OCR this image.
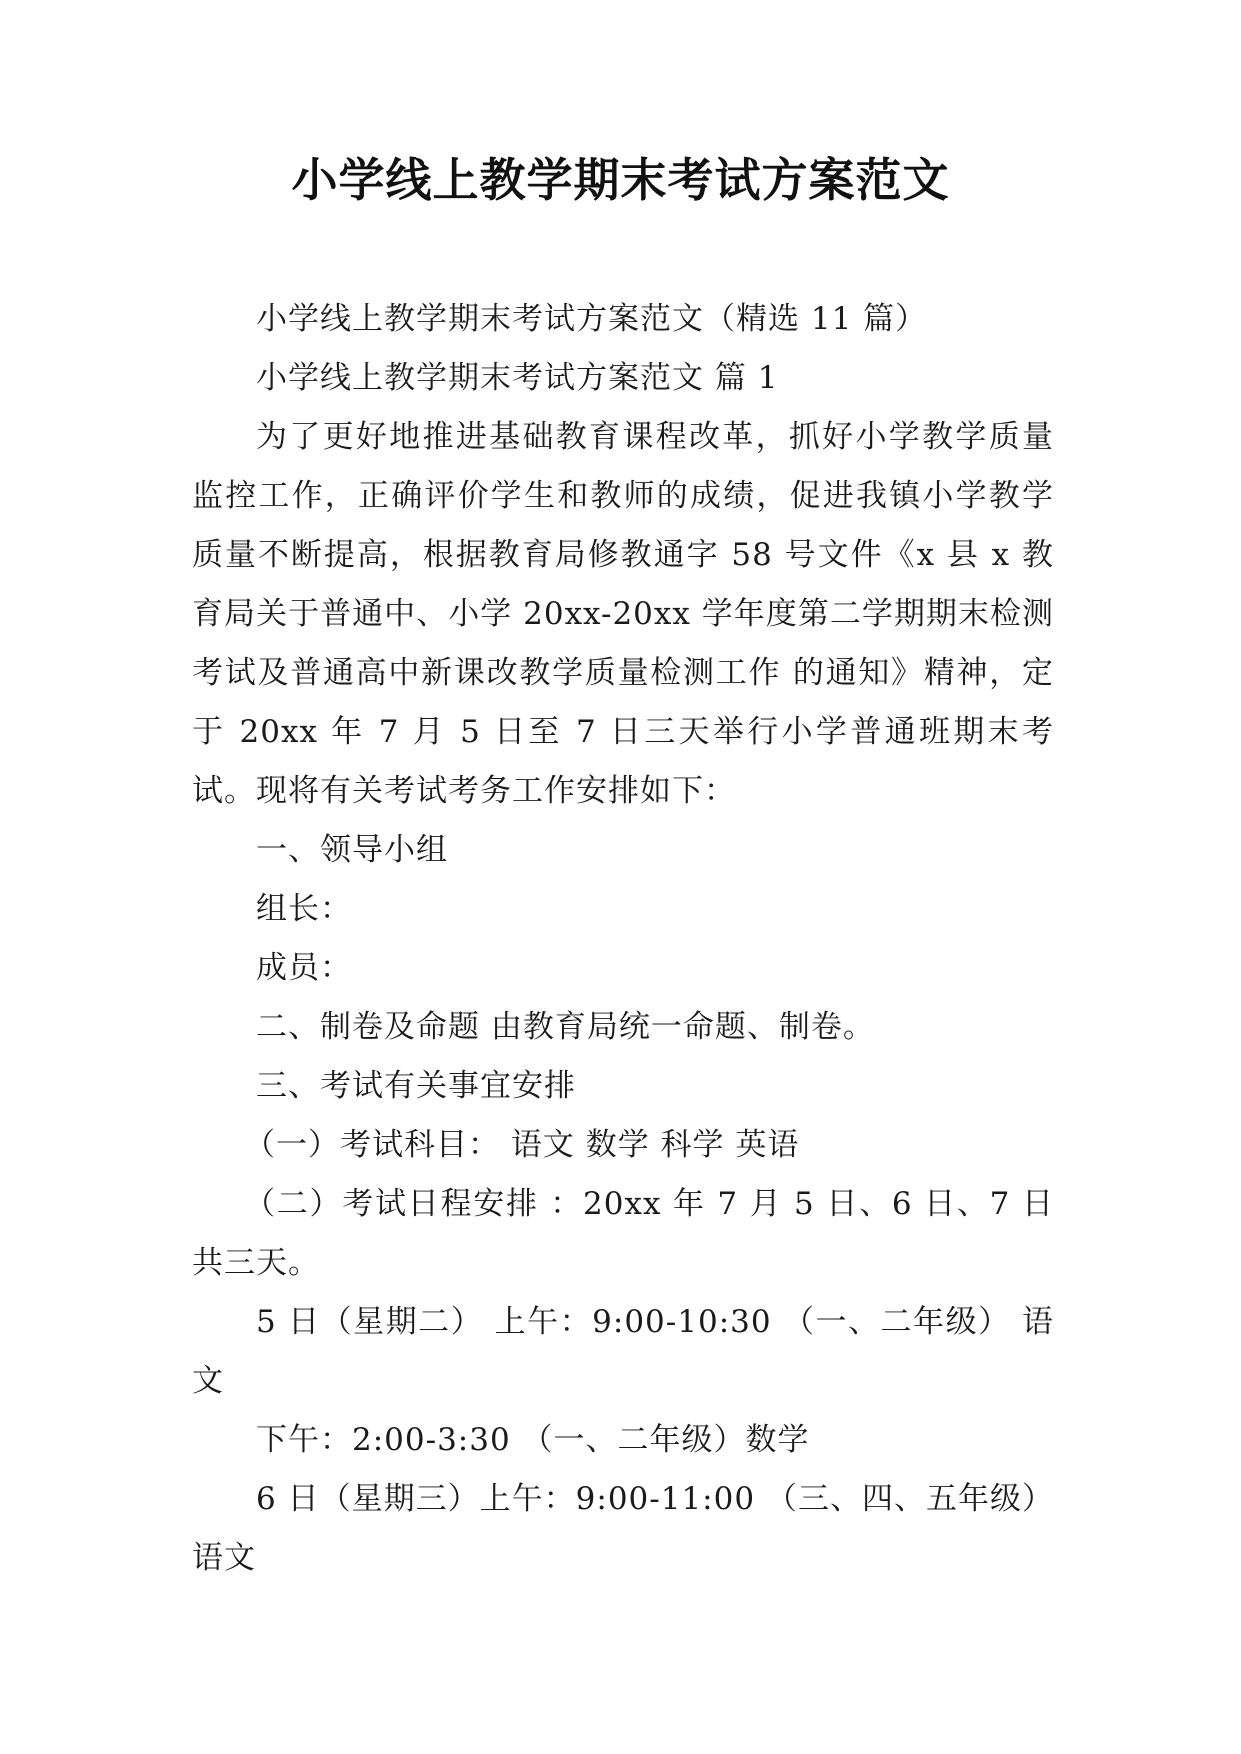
小学线上教学期末考试方案范文

小学线上教学期末考试方案范文（精选 11 篇）

小学线上教学期末考试方案范文 篇 1

为了更好地推进基础教育课程改革，抓好小学教学质量监控工作，正确评价学生和教师的成绩，促进我镇小学教学质量不断提高，根据教育局修教通字 58 号文件《x 县 x 教育局关于普通中、小学 20xx-20xx 学年度第二学期期末检测考试及普通高中新课改教学质量检测工作 的通知》精神，定于 20xx 年 7 月 5 日至 7 日三天举行小学普通班期末考试。现将有关考试考务工作安排如下：

一、领导小组

组长：

成员：

二、制卷及命题 由教育局统一命题、制卷。

三、考试有关事宜安排

（一）考试科目： 语文 数学 科学 英语

（二）考试日程安排 ：20xx 年 7 月 5 日、6 日、7 日共三天。

5 日（星期二） 上午：9:00-10:30 （一、二年级） 语文

下午：2:00-3:30 （一、二年级）数学

6 日（星期三）上午：9:00-11:00 （三、四、五年级）语文
